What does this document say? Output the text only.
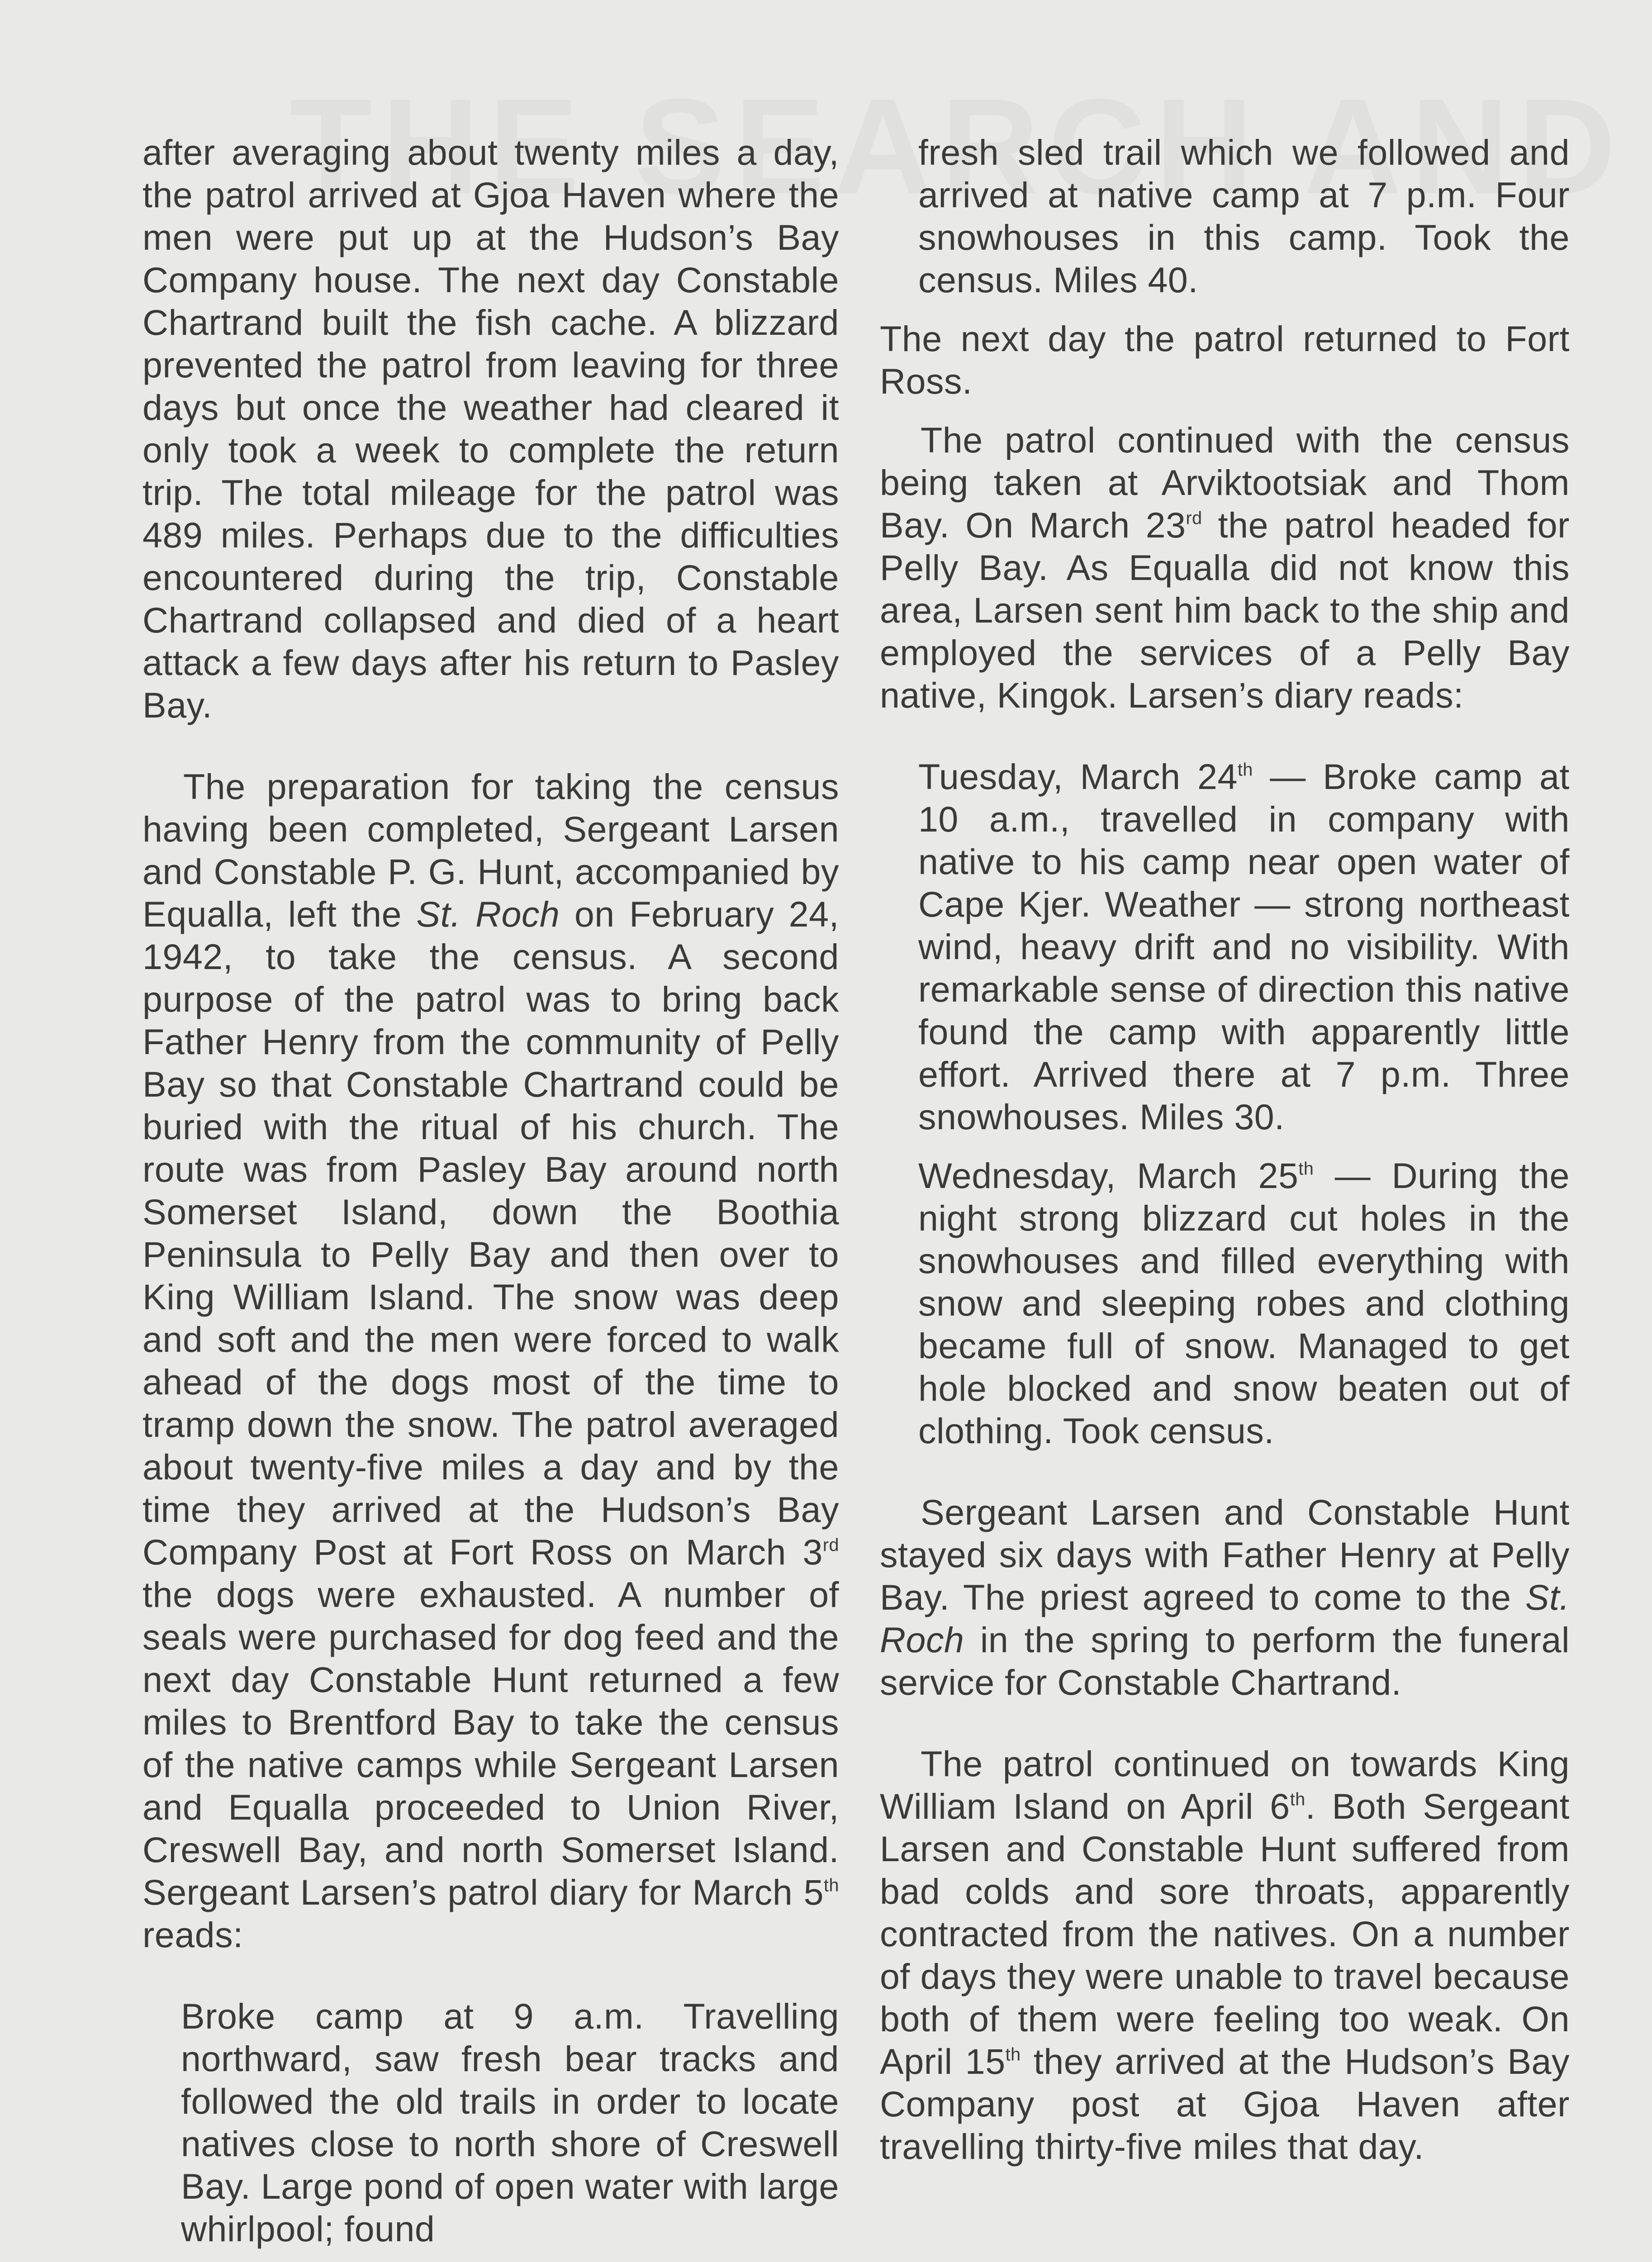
after averaging about twenty miles a day, the patrol arrived at Gjoa Haven where the men were put up at the Hudson’s Bay Company house. The next day Constable Chartrand built the fish cache. A blizzard prevented the patrol from leaving for three days but once the weather had cleared it only took a week to complete the return trip. The total mileage for the patrol was 489 miles. Perhaps due to the difficulties encountered during the trip, Constable Chartrand collapsed and died of a heart attack a few days after his return to Pasley Bay.

The preparation for taking the census having been completed, Sergeant Larsen and Constable P. G. Hunt, accompanied by Equalla, left the St. Roch on February 24, 1942, to take the census. A second purpose of the patrol was to bring back Father Henry from the community of Pelly Bay so that Constable Chartrand could be buried with the ritual of his church. The route was from Pasley Bay around north Somerset Island, down the Boothia Peninsula to Pelly Bay and then over to King William Island. The snow was deep and soft and the men were forced to walk ahead of the dogs most of the time to tramp down the snow. The patrol averaged about twenty-five miles a day and by the time they arrived at the Hudson’s Bay Company Post at Fort Ross on March 3rd the dogs were exhausted. A number of seals were purchased for dog feed and the next day Constable Hunt returned a few miles to Brentford Bay to take the census of the native camps while Sergeant Larsen and Equalla proceeded to Union River, Creswell Bay, and north Somerset Island. Sergeant Larsen’s patrol diary for March 5th reads:

Broke camp at 9 a.m. Travelling northward, saw fresh bear tracks and followed the old trails in order to locate natives close to north shore of Creswell Bay. Large pond of open water with large whirlpool; found

fresh sled trail which we followed and arrived at native camp at 7 p.m. Four snowhouses in this camp. Took the census. Miles 40.

The next day the patrol returned to Fort Ross.

The patrol continued with the census being taken at Arviktootsiak and Thom Bay. On March 23rd the patrol headed for Pelly Bay. As Equalla did not know this area, Larsen sent him back to the ship and employed the services of a Pelly Bay native, Kingok. Larsen’s diary reads:

Tuesday, March 24th — Broke camp at 10 a.m., travelled in company with native to his camp near open water of Cape Kjer. Weather — strong northeast wind, heavy drift and no visibility. With remarkable sense of direction this native found the camp with apparently little effort. Arrived there at 7 p.m. Three snowhouses. Miles 30.

Wednesday, March 25th — During the night strong blizzard cut holes in the snowhouses and filled everything with snow and sleeping robes and clothing became full of snow. Managed to get hole blocked and snow beaten out of clothing. Took census.

Sergeant Larsen and Constable Hunt stayed six days with Father Henry at Pelly Bay. The priest agreed to come to the St. Roch in the spring to perform the funeral service for Constable Chartrand.

The patrol continued on towards King William Island on April 6th. Both Sergeant Larsen and Constable Hunt suffered from bad colds and sore throats, apparently contracted from the natives. On a number of days they were unable to travel because both of them were feeling too weak. On April 15th they arrived at the Hudson’s Bay Company post at Gjoa Haven after travelling thirty-five miles that day.
